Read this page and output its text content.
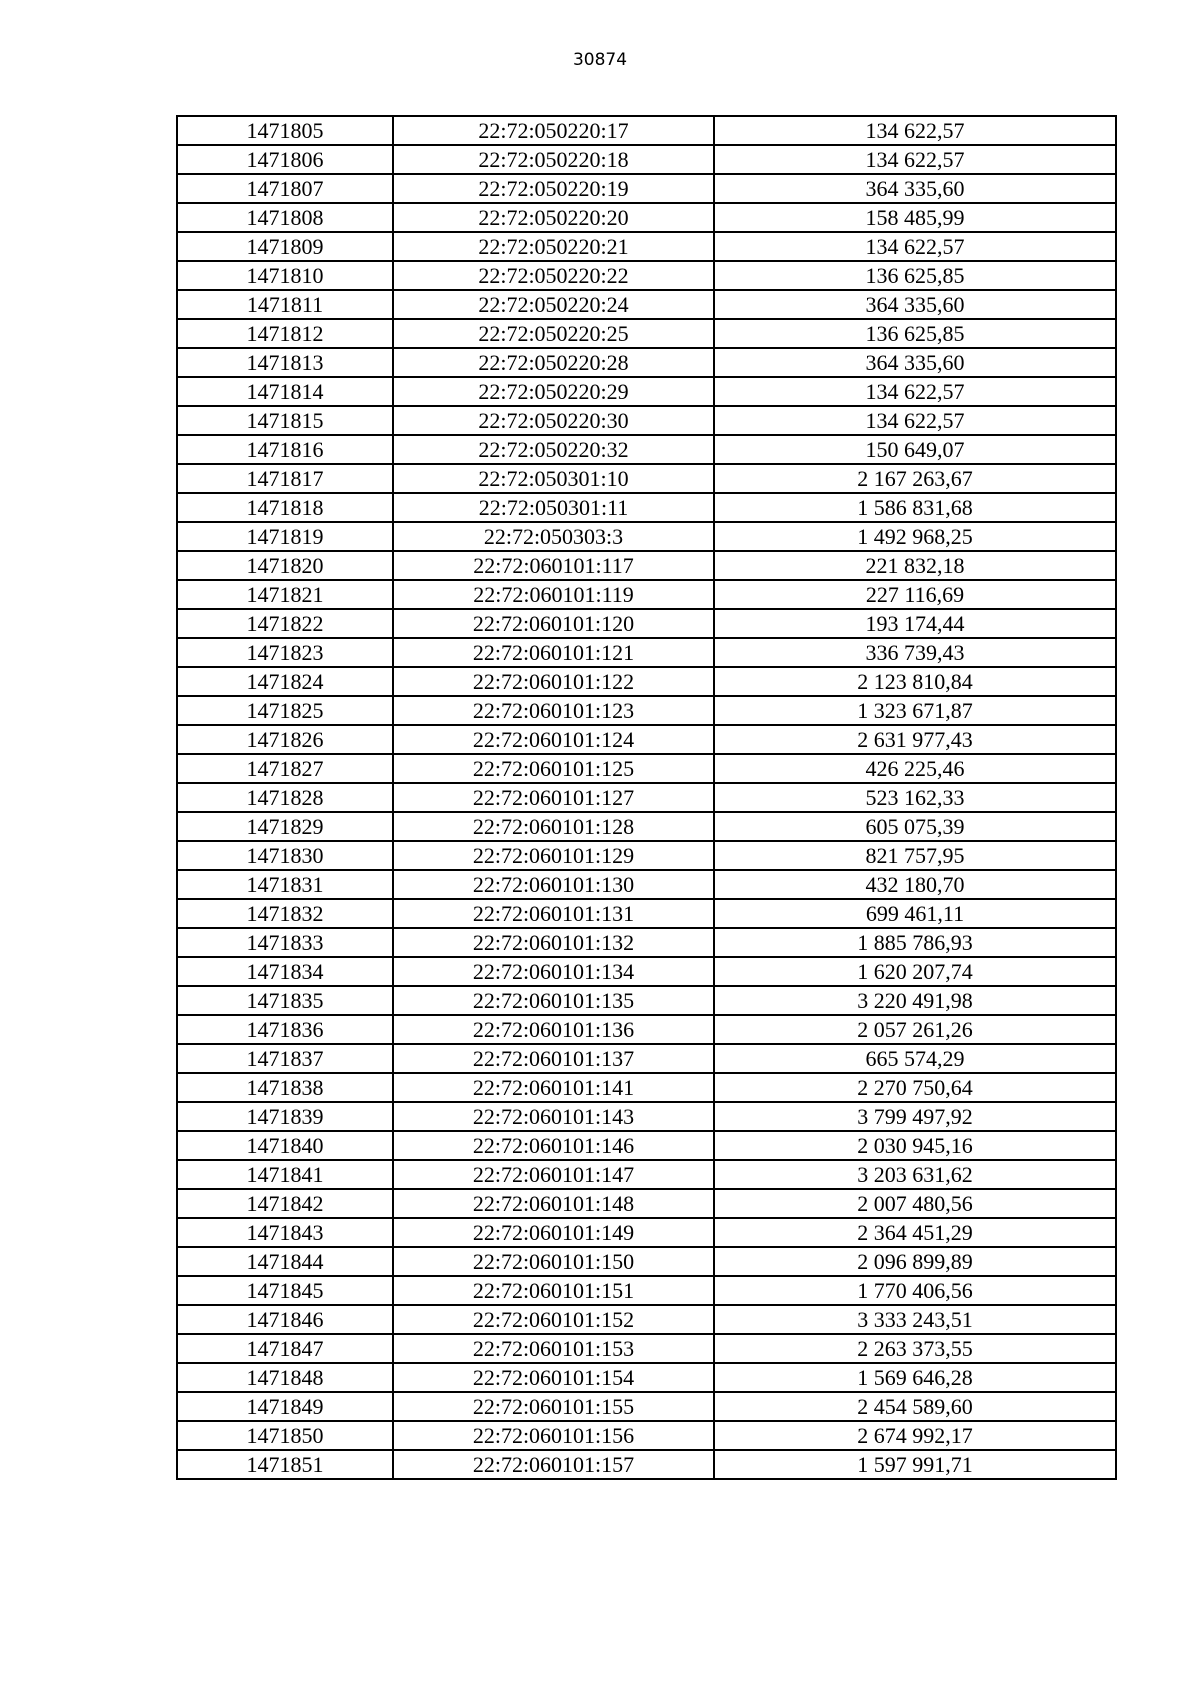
30874
1471805	22:72:050220:17	134 622,57
1471806	22:72:050220:18	134 622,57
1471807	22:72:050220:19	364 335,60
1471808	22:72:050220:20	158 485,99
1471809	22:72:050220:21	134 622,57
1471810	22:72:050220:22	136 625,85
1471811	22:72:050220:24	364 335,60
1471812	22:72:050220:25	136 625,85
1471813	22:72:050220:28	364 335,60
1471814	22:72:050220:29	134 622,57
1471815	22:72:050220:30	134 622,57
1471816	22:72:050220:32	150 649,07
1471817	22:72:050301:10	2 167 263,67
1471818	22:72:050301:11	1 586 831,68
1471819	22:72:050303:3	1 492 968,25
1471820	22:72:060101:117	221 832,18
1471821	22:72:060101:119	227 116,69
1471822	22:72:060101:120	193 174,44
1471823	22:72:060101:121	336 739,43
1471824	22:72:060101:122	2 123 810,84
1471825	22:72:060101:123	1 323 671,87
1471826	22:72:060101:124	2 631 977,43
1471827	22:72:060101:125	426 225,46
1471828	22:72:060101:127	523 162,33
1471829	22:72:060101:128	605 075,39
1471830	22:72:060101:129	821 757,95
1471831	22:72:060101:130	432 180,70
1471832	22:72:060101:131	699 461,11
1471833	22:72:060101:132	1 885 786,93
1471834	22:72:060101:134	1 620 207,74
1471835	22:72:060101:135	3 220 491,98
1471836	22:72:060101:136	2 057 261,26
1471837	22:72:060101:137	665 574,29
1471838	22:72:060101:141	2 270 750,64
1471839	22:72:060101:143	3 799 497,92
1471840	22:72:060101:146	2 030 945,16
1471841	22:72:060101:147	3 203 631,62
1471842	22:72:060101:148	2 007 480,56
1471843	22:72:060101:149	2 364 451,29
1471844	22:72:060101:150	2 096 899,89
1471845	22:72:060101:151	1 770 406,56
1471846	22:72:060101:152	3 333 243,51
1471847	22:72:060101:153	2 263 373,55
1471848	22:72:060101:154	1 569 646,28
1471849	22:72:060101:155	2 454 589,60
1471850	22:72:060101:156	2 674 992,17
1471851	22:72:060101:157	1 597 991,71
